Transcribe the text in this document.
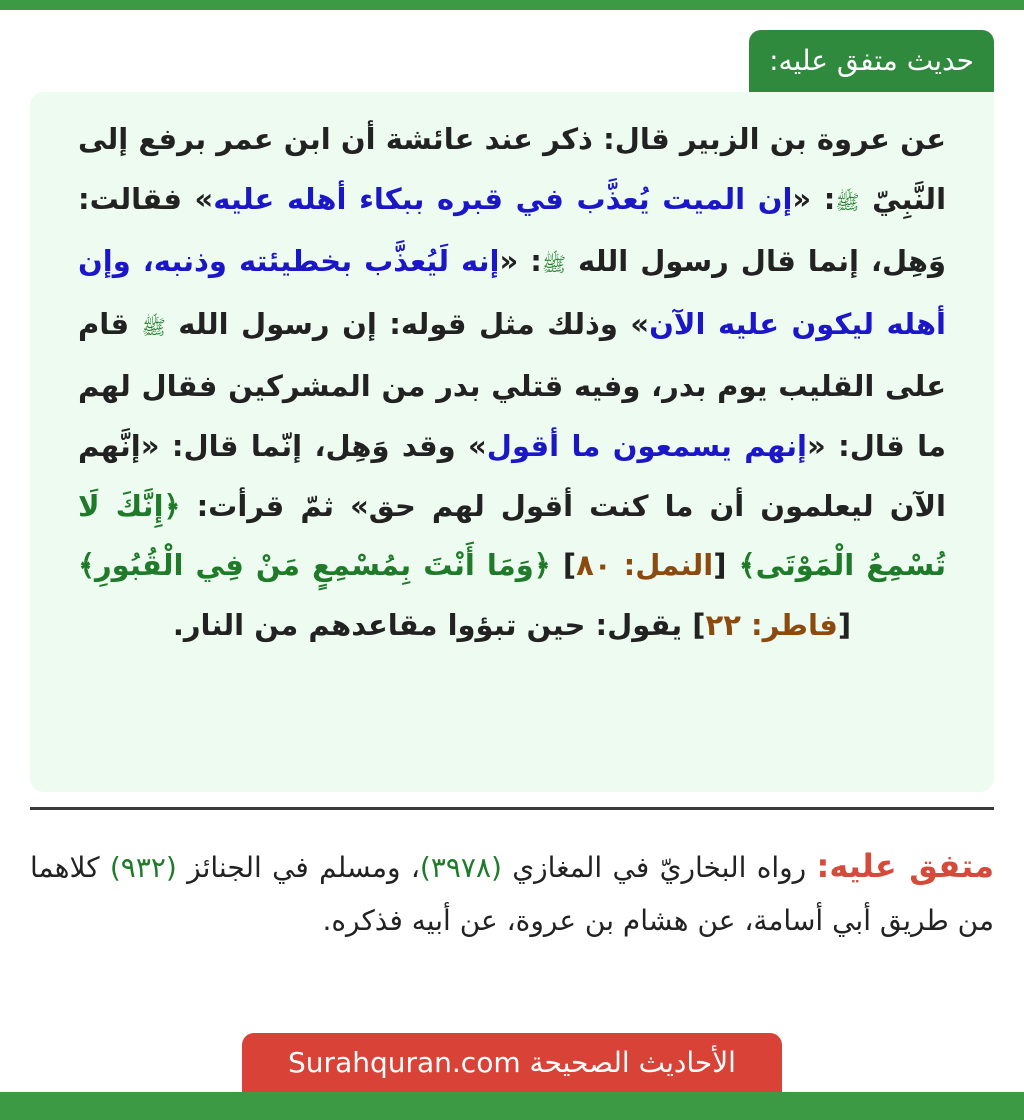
حديث متفق عليه:
عن عروة بن الزبير قال: ذكر عند عائشة أن ابن عمر برفع إلى النَّبِيّ ﷺ: «إن الميت يُعذَّب في قبره ببكاء أهله عليه» فقالت: وَهِل، إنما قال رسول الله ﷺ: «إنه لَيُعذَّب بخطيئته وذنبه، وإن أهله ليكون عليه الآن» وذلك مثل قوله: إن رسول الله ﷺ قام على القليب يوم بدر، وفيه قتلي بدر من المشركين فقال لهم ما قال: «إنهم يسمعون ما أقول» وقد وَهِل، إنّما قال: «إنَّهم الآن ليعلمون أن ما كنت أقول لهم حق» ثمّ قرأت: ﴿إِنَّكَ لَا تُسْمِعُ الْمَوْتَى﴾ [النمل: ٨٠] ﴿وَمَا أَنْتَ بِمُسْمِعٍ مَنْ فِي الْقُبُورِ﴾ [فاطر: ٢٢] يقول: حين تبؤوا مقاعدهم من النار.
متفق عليه: رواه البخاريّ في المغازي (٣٩٧٨)، ومسلم في الجنائز (٩٣٢) كلاهما من طريق أبي أسامة، عن هشام بن عروة، عن أبيه فذكره.
الأحاديث الصحيحة Surahquran.com
